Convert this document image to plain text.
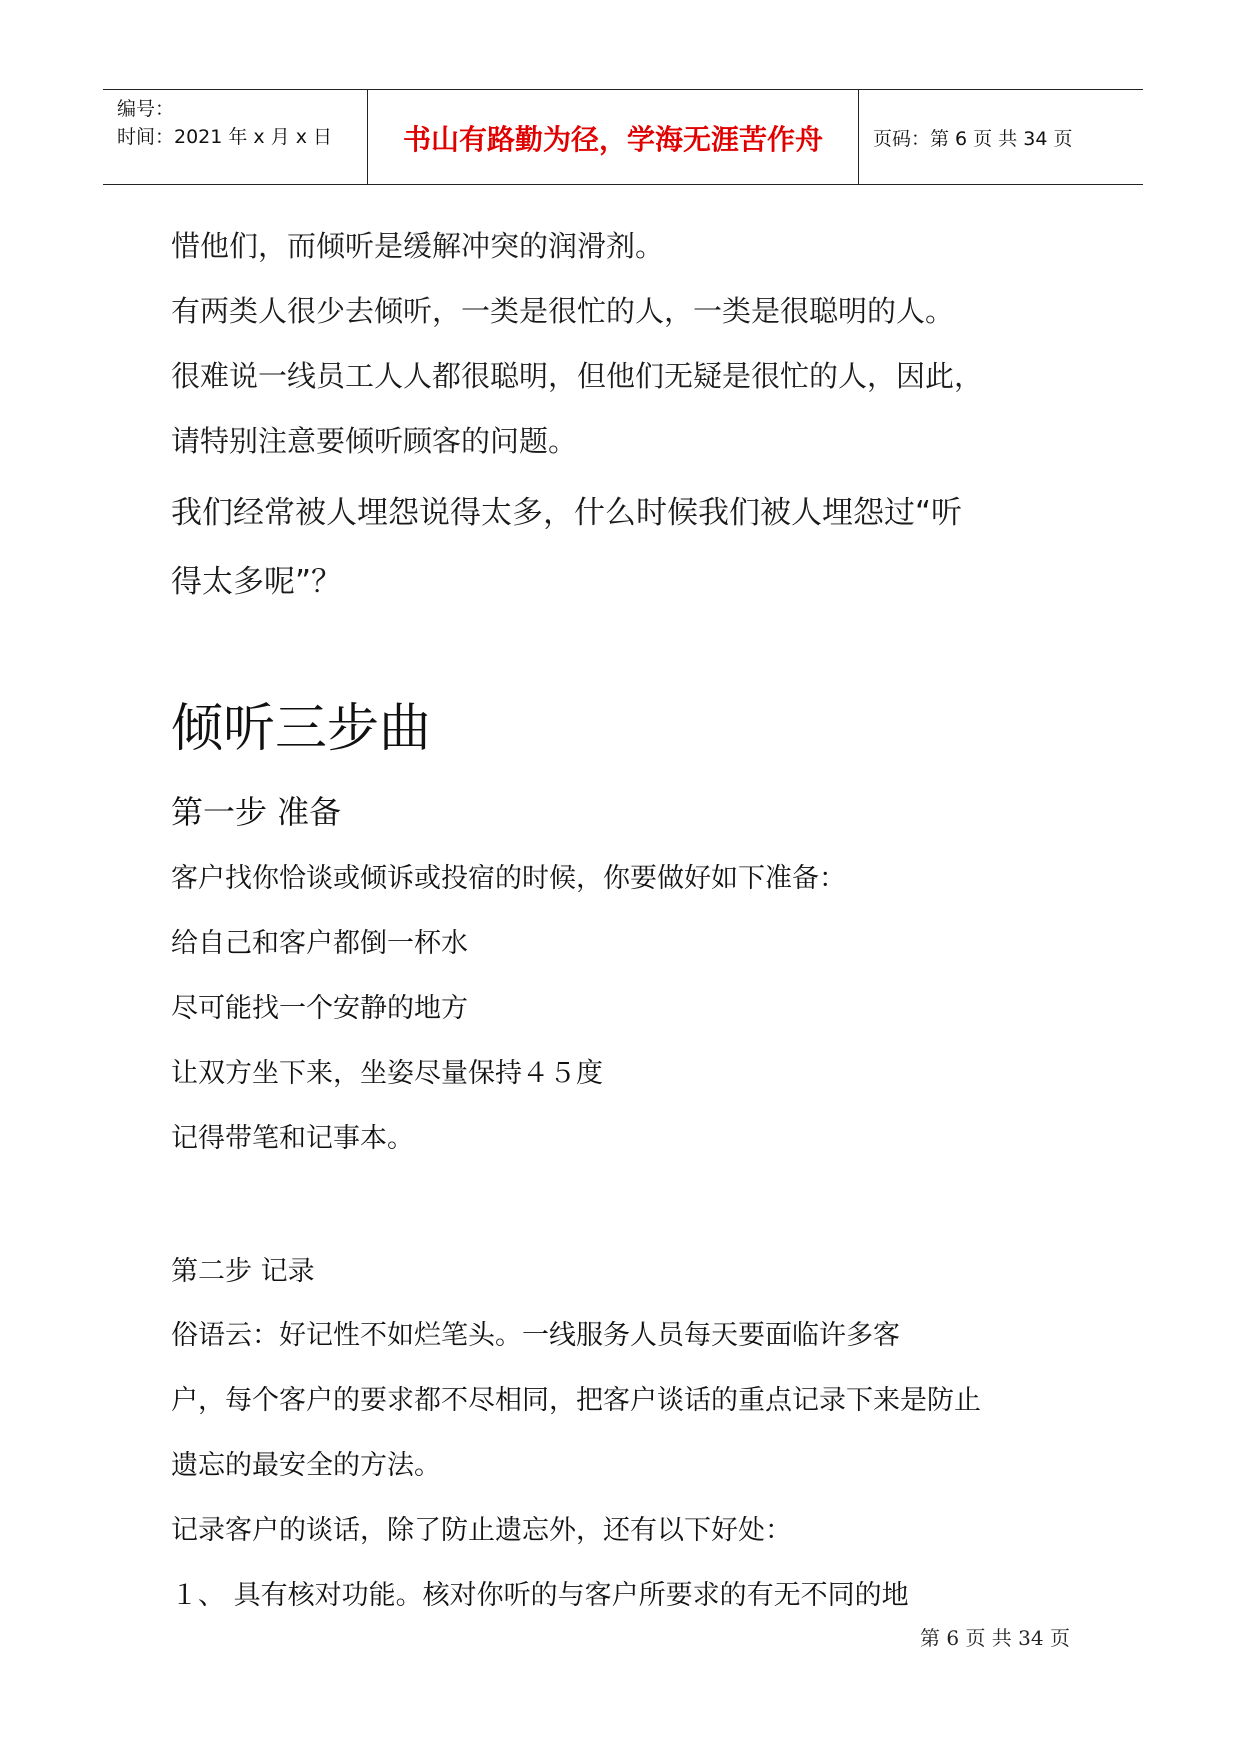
编号：
时间：2021 年 x 月 x 日	书山有路勤为径，学海无涯苦作舟	页码：第 6 页 共 34 页
惜他们，而倾听是缓解冲突的润滑剂。
有两类人很少去倾听，一类是很忙的人，一类是很聪明的人。
很难说一线员工人人都很聪明，但他们无疑是很忙的人，因此，
请特别注意要倾听顾客的问题。
我们经常被人埋怨说得太多，什么时候我们被人埋怨过“听
得太多呢”？
倾听三步曲
第一步 准备
客户找你恰谈或倾诉或投宿的时候，你要做好如下准备：
给自己和客户都倒一杯水
尽可能找一个安静的地方
让双方坐下来，坐姿尽量保持４５度
记得带笔和记事本。
第二步 记录
俗语云：好记性不如烂笔头。一线服务人员每天要面临许多客
户，每个客户的要求都不尽相同，把客户谈话的重点记录下来是防止
遗忘的最安全的方法。
记录客户的谈话，除了防止遗忘外，还有以下好处：
１、 具有核对功能。核对你听的与客户所要求的有无不同的地
第 6 页 共 34 页
